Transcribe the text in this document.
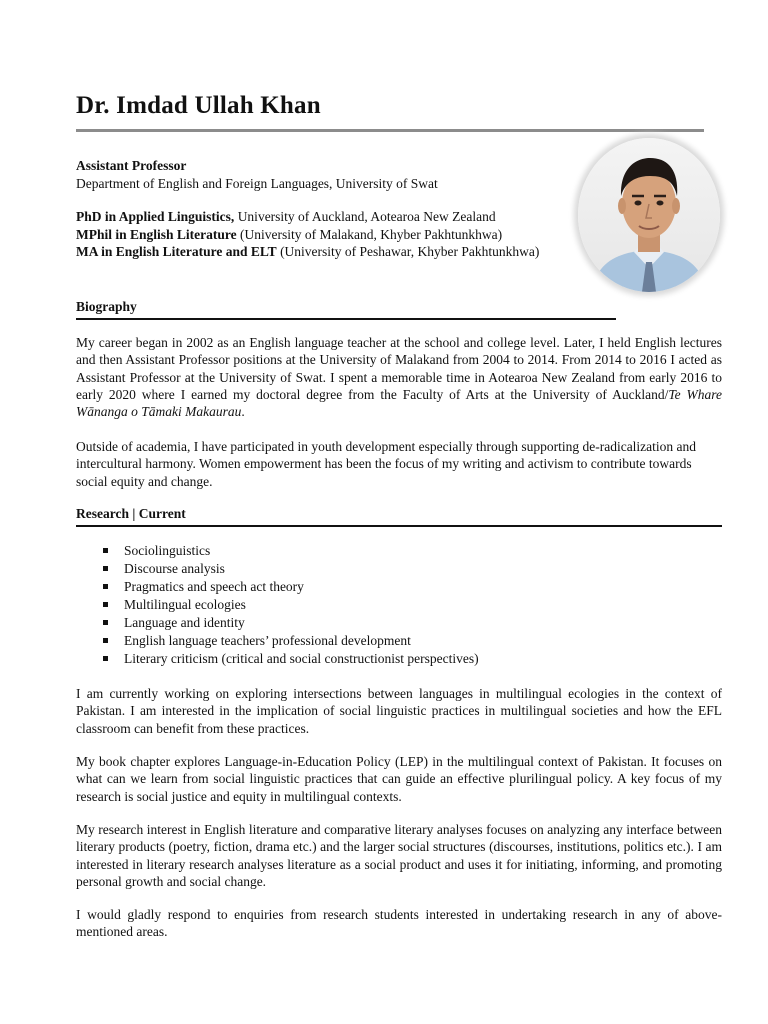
Dr. Imdad Ullah Khan

Assistant Professor

Department of English and Foreign Languages, University of Swat

PhD in Applied Linguistics, University of Auckland, Aotearoa New Zealand

MPhil in English Literature (University of Malakand, Khyber Pakhtunkhwa)

MA in English Literature and ELT (University of Peshawar, Khyber Pakhtunkhwa)

Biography

My career began in 2002 as an English language teacher at the school and college level. Later, I held English lectures and then Assistant Professor positions at the University of Malakand from 2004 to 2014. From 2014 to 2016 I acted as Assistant Professor at the University of Swat. I spent a memorable time in Aotearoa New Zealand from early 2016 to early 2020 where I earned my doctoral degree from the Faculty of Arts at the University of Auckland/Te Whare Wānanga o Tāmaki Makaurau.

Outside of academia, I have participated in youth development especially through supporting de-radicalization and intercultural harmony. Women empowerment has been the focus of my writing and activism to contribute towards social equity and change.

Research | Current
Sociolinguistics
Discourse analysis
Pragmatics and speech act theory
Multilingual ecologies
Language and identity
English language teachers’ professional development
Literary criticism (critical and social constructionist perspectives)

I am currently working on exploring intersections between languages in multilingual ecologies in the context of Pakistan. I am interested in the implication of social linguistic practices in multilingual societies and how the EFL classroom can benefit from these practices.

My book chapter explores Language-in-Education Policy (LEP) in the multilingual context of Pakistan. It focuses on what can we learn from social linguistic practices that can guide an effective plurilingual policy. A key focus of my research is social justice and equity in multilingual contexts.

My research interest in English literature and comparative literary analyses focuses on analyzing any interface between literary products (poetry, fiction, drama etc.) and the larger social structures (discourses, institutions, politics etc.). I am interested in literary research analyses literature as a social product and uses it for initiating, informing, and promoting personal growth and social change.

I would gladly respond to enquiries from research students interested in undertaking research in any of above-mentioned areas.
